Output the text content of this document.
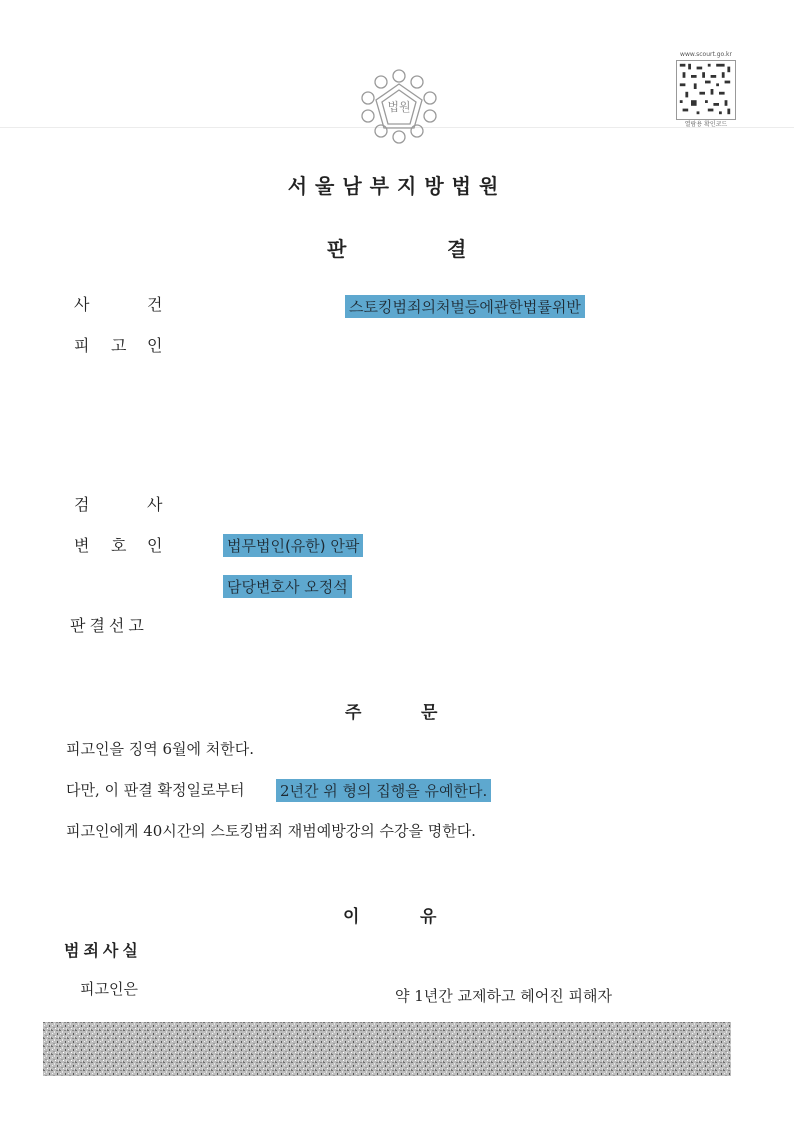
법원
www.scourt.go.kr
열람용 확인코드
서울남부지방법원
판	결
사	건	스토킹범죄의처벌등에관한법률위반
피 고 인
검	사
변 호 인	법무법인(유한) 안팍
담당변호사 오정석
판결선고
주	문
피고인을 징역 6월에 처한다.
다만, 이 판결 확정일로부터 2년간 위 형의 집행을 유예한다.
피고인에게 40시간의 스토킹범죄 재범예방강의 수강을 명한다.
이	유
범죄사실
피고인은	약 1년간 교제하고 헤어진 피해자
